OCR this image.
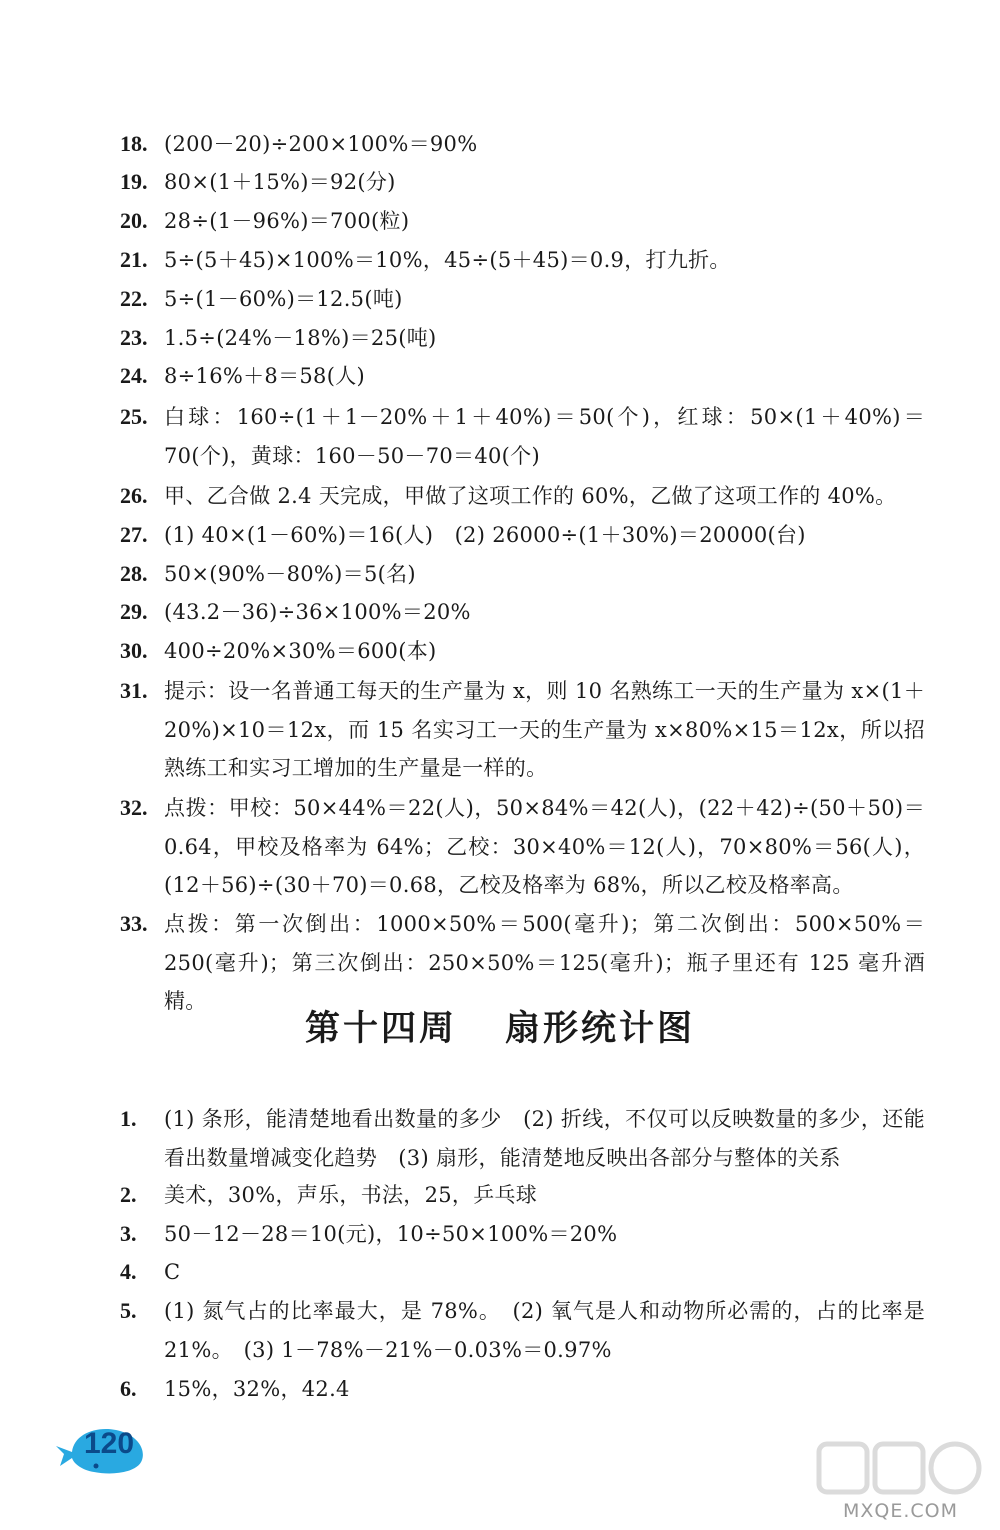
18. (200－20)÷200×100%＝90%
19. 80×(1＋15%)＝92(分)
20. 28÷(1－96%)＝700(粒)
21. 5÷(5＋45)×100%＝10%，45÷(5＋45)＝0.9，打九折。
22. 5÷(1－60%)＝12.5(吨)
23. 1.5÷(24%－18%)＝25(吨)
24. 8÷16%＋8＝58(人)
25. 白球：160÷(1＋1－20%＋1＋40%)＝50(个)，红球：50×(1＋40%)＝70(个)，黄球：160－50－70＝40(个)
26. 甲、乙合做 2.4 天完成，甲做了这项工作的 60%，乙做了这项工作的 40%。
27. (1) 40×(1－60%)＝16(人)　(2) 26000÷(1＋30%)＝20000(台)
28. 50×(90%－80%)＝5(名)
29. (43.2－36)÷36×100%＝20%
30. 400÷20%×30%＝600(本)
31. 提示：设一名普通工每天的生产量为 x，则 10 名熟练工一天的生产量为 x×(1＋20%)×10＝12x，而 15 名实习工一天的生产量为 x×80%×15＝12x，所以招熟练工和实习工增加的生产量是一样的。
32. 点拨：甲校：50×44%＝22(人)，50×84%＝42(人)，(22＋42)÷(50＋50)＝0.64，甲校及格率为 64%；乙校：30×40%＝12(人)，70×80%＝56(人)，(12＋56)÷(30＋70)＝0.68，乙校及格率为 68%，所以乙校及格率高。
33. 点拨：第一次倒出：1000×50%＝500(毫升)；第二次倒出：500×50%＝250(毫升)；第三次倒出：250×50%＝125(毫升)；瓶子里还有 125 毫升酒精。
第十四周 扇形统计图
1.	(1) 条形，能清楚地看出数量的多少　(2) 折线，不仅可以反映数量的多少，还能看出数量增减变化趋势　(3) 扇形，能清楚地反映出各部分与整体的关系
2.	美术，30%，声乐，书法，25，乒乓球
3.	50－12－28＝10(元)，10÷50×100%＝20%
4.	C
5.	(1) 氮气占的比率最大，是 78%。　(2) 氧气是人和动物所必需的，占的比率是 21%。　(3) 1－78%－21%－0.03%＝0.97%
6.	15%，32%，42.4
120
MXQE.COM
